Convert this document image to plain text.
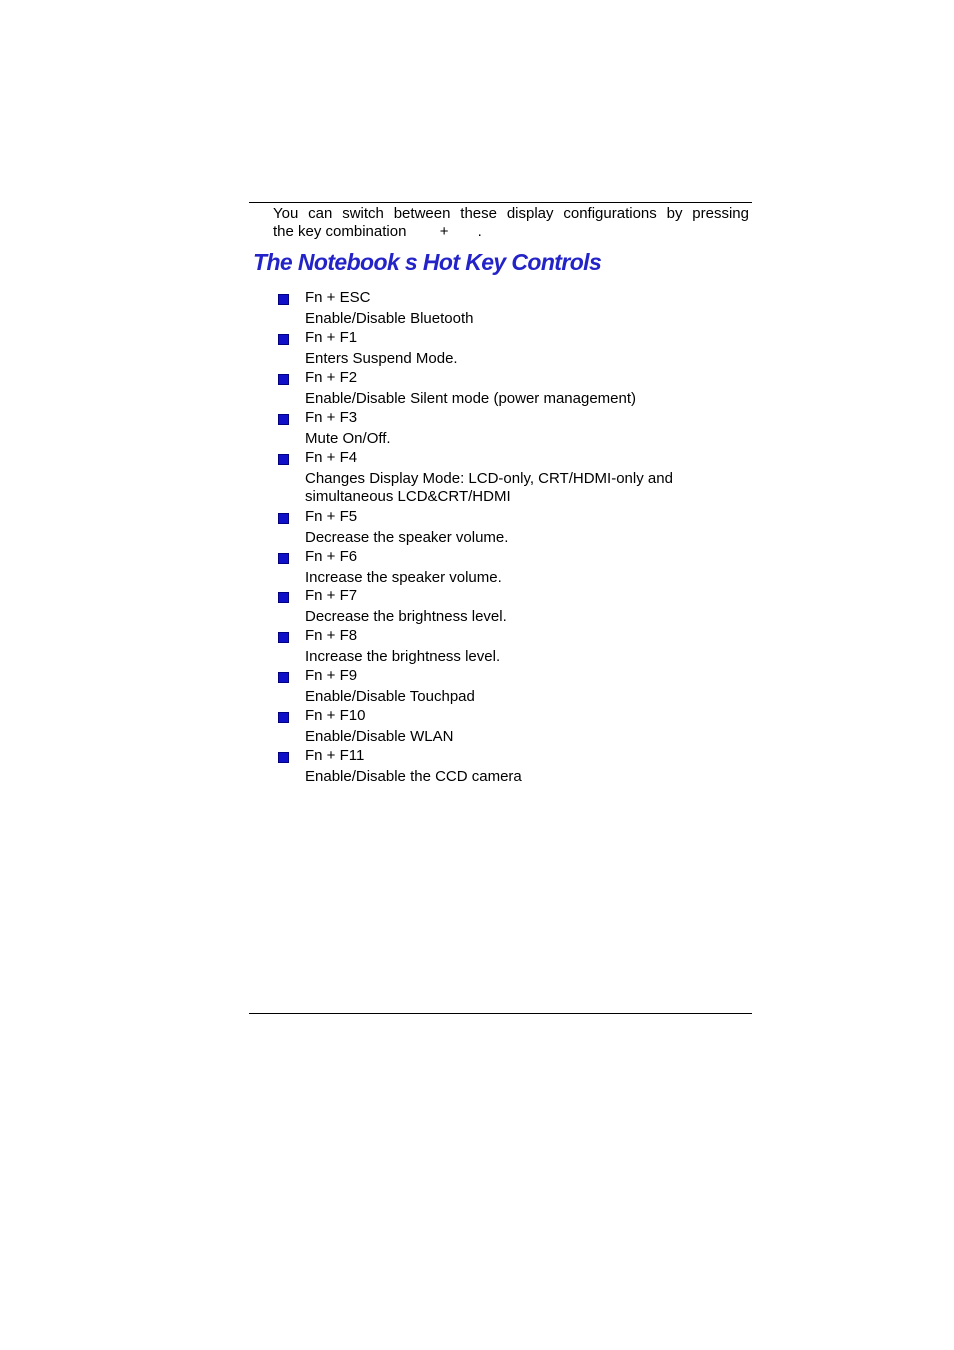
You can switch between these display configurations by pressing
the key combination        +       .

The Notebook s Hot Key Controls
Fn + ESC
Enable/Disable Bluetooth
Fn + F1
Enters Suspend Mode.
Fn + F2
Enable/Disable Silent mode (power management)
Fn + F3
Mute On/Off.
Fn + F4
Changes Display Mode: LCD-only, CRT/HDMI-only and simultaneous LCD&CRT/HDMI
Fn + F5
Decrease the speaker volume.
Fn + F6
Increase the speaker volume.
Fn + F7
Decrease the brightness level.
Fn + F8
Increase the brightness level.
Fn + F9
Enable/Disable Touchpad
Fn + F10
Enable/Disable WLAN
Fn + F11
Enable/Disable the CCD camera
